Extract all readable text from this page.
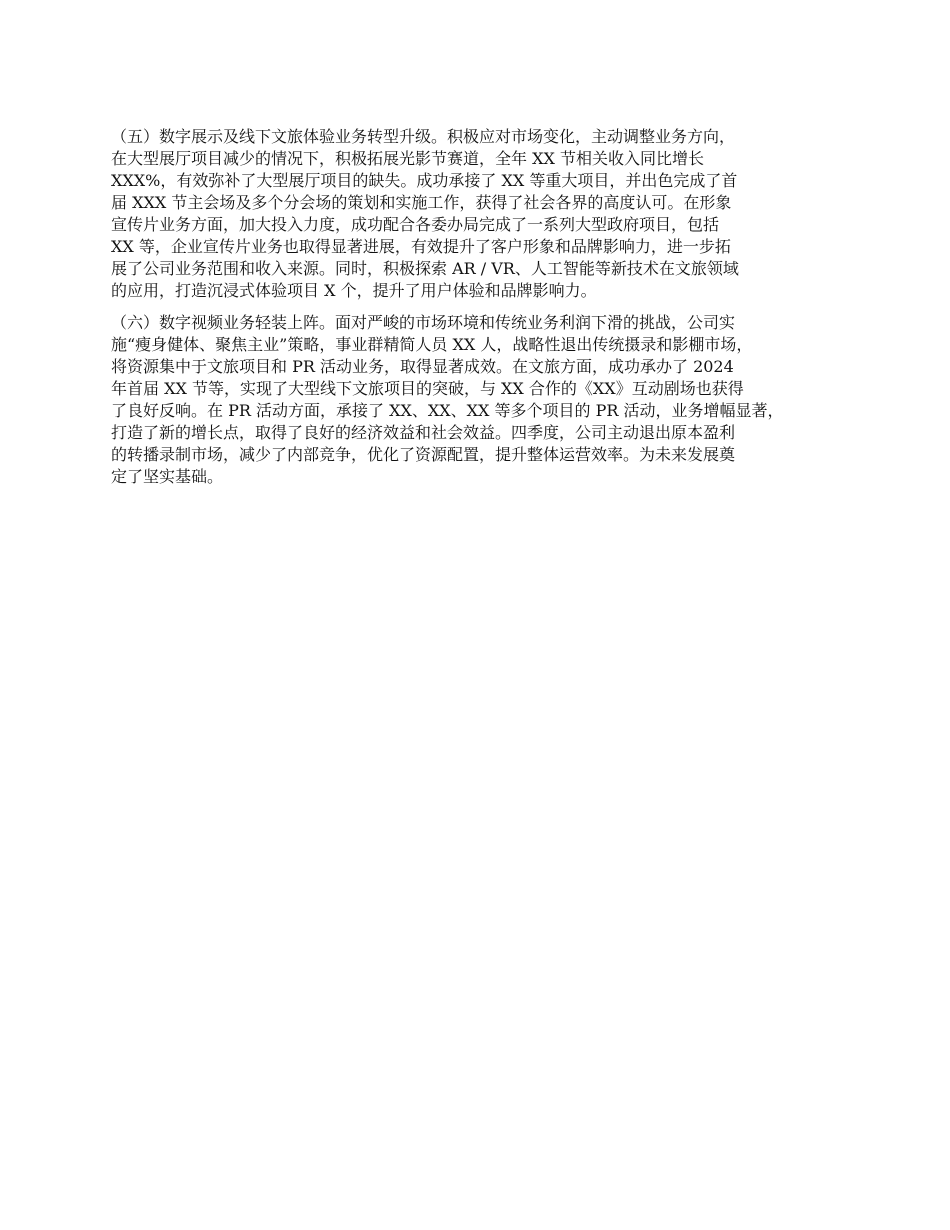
（五）数字展示及线下文旅体验业务转型升级。积极应对市场变化，主动调整业务方向，
在大型展厅项目减少的情况下，积极拓展光影节赛道，全年 XX 节相关收入同比增长
XXX%，有效弥补了大型展厅项目的缺失。成功承接了 XX 等重大项目，并出色完成了首
届 XXX 节主会场及多个分会场的策划和实施工作，获得了社会各界的高度认可。在形象
宣传片业务方面，加大投入力度，成功配合各委办局完成了一系列大型政府项目，包括
XX 等，企业宣传片业务也取得显著进展，有效提升了客户形象和品牌影响力，进一步拓
展了公司业务范围和收入来源。同时，积极探索 AR / VR、人工智能等新技术在文旅领域
的应用，打造沉浸式体验项目 X 个，提升了用户体验和品牌影响力。

（六）数字视频业务轻装上阵。面对严峻的市场环境和传统业务利润下滑的挑战，公司实
施“瘦身健体、聚焦主业”策略，事业群精简人员 XX 人，战略性退出传统摄录和影棚市场，
将资源集中于文旅项目和 PR 活动业务，取得显著成效。在文旅方面，成功承办了 2024
年首届 XX 节等，实现了大型线下文旅项目的突破，与 XX 合作的《XX》互动剧场也获得
了良好反响。在 PR 活动方面，承接了 XX、XX、XX 等多个项目的 PR 活动，业务增幅显著，
打造了新的增长点，取得了良好的经济效益和社会效益。四季度，公司主动退出原本盈利
的转播录制市场，减少了内部竞争，优化了资源配置，提升整体运营效率。为未来发展奠
定了坚实基础。
